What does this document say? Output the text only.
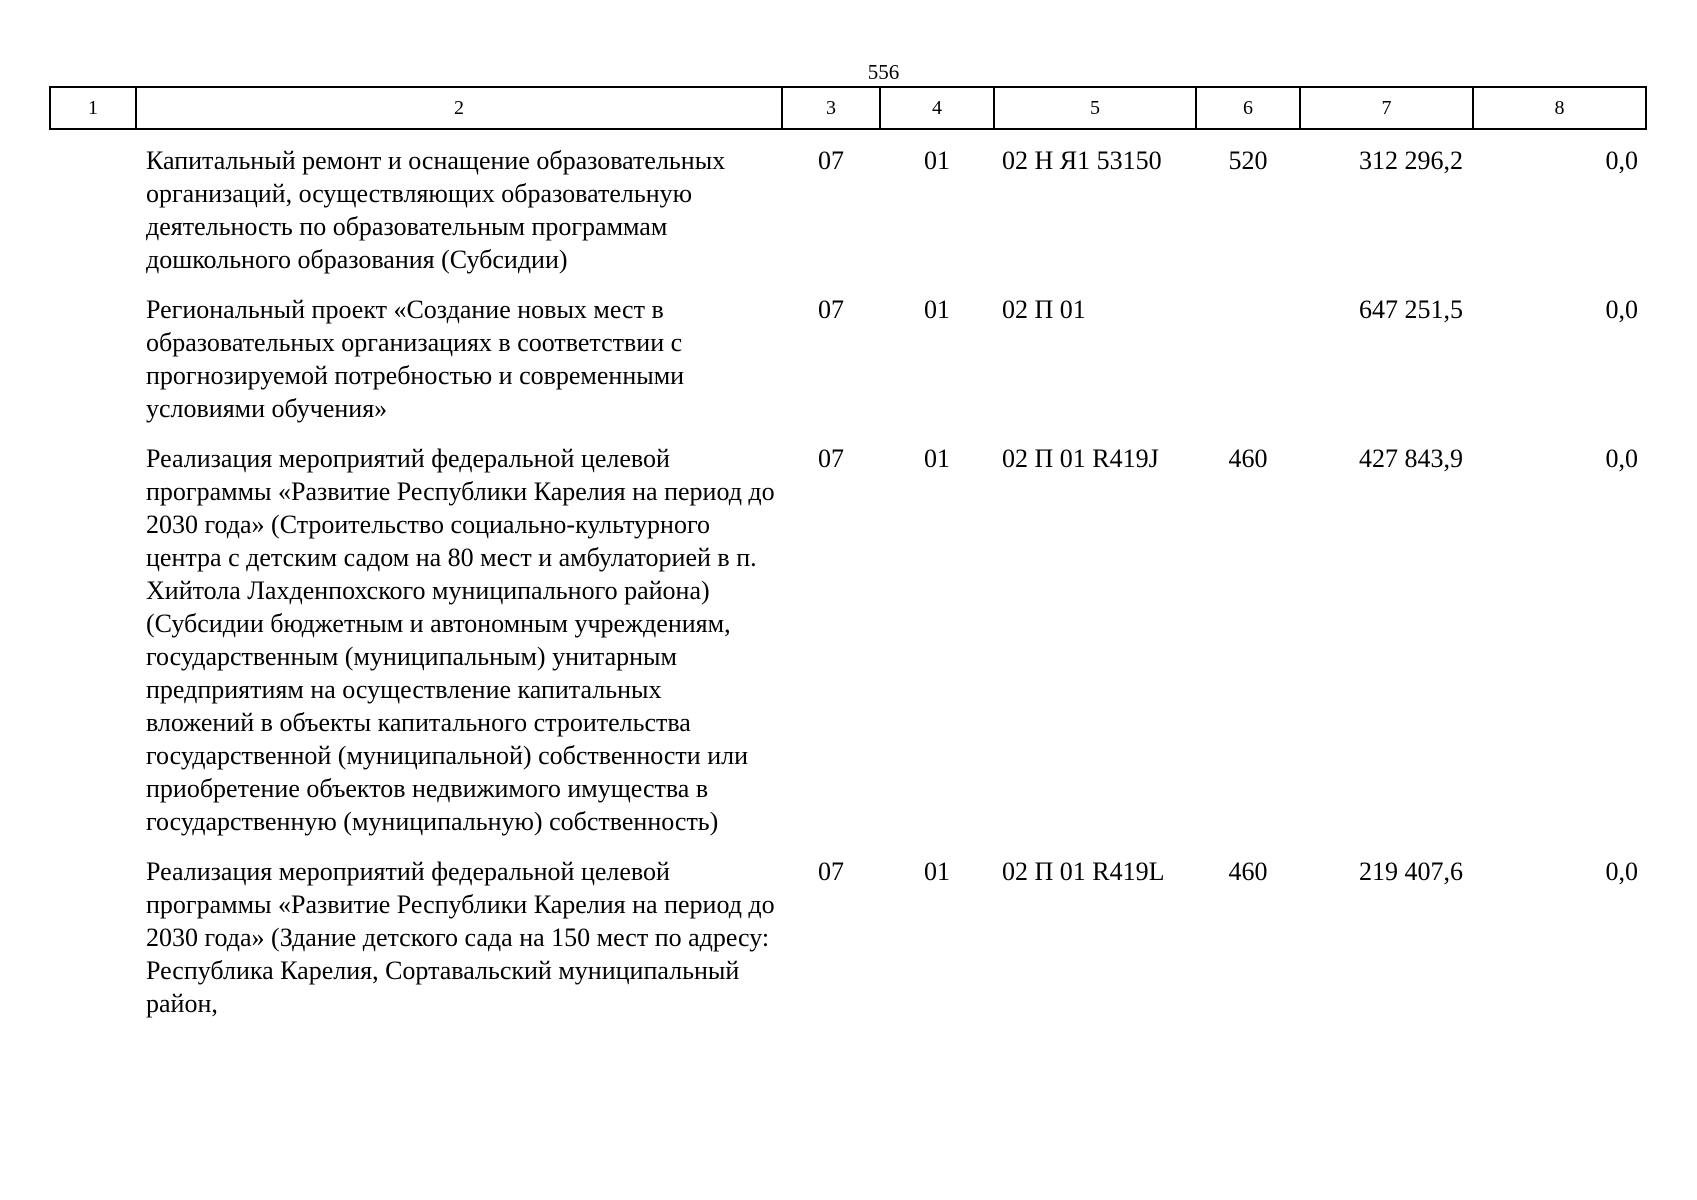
556
1	2	3	4	5	6	7	8
	Капитальный ремонт и оснащение образовательных организаций, осуществляющих образовательную деятельность по образовательным программам дошкольного образования (Субсидии)	07	01	02 Н Я1 53150	520	312 296,2	0,0
	Региональный проект «Создание новых мест в образовательных организациях в соответствии с прогнозируемой потребностью и современными условиями обучения»	07	01	02 П 01		647 251,5	0,0
	Реализация мероприятий федеральной целевой программы «Развитие Республики Карелия на период до 2030 года» (Строительство социально-культурного центра с детским садом на 80 мест и амбулаторией в п. Хийтола Лахденпохского муниципального района) (Субсидии бюджетным и автономным учреждениям, государственным (муниципальным) унитарным предприятиям на осуществление капитальных вложений в объекты капитального строительства государственной (муниципальной) собственности или приобретение объектов недвижимого имущества в государственную (муниципальную) собственность)	07	01	02 П 01 R419J	460	427 843,9	0,0
	Реализация мероприятий федеральной целевой программы «Развитие Республики Карелия на период до 2030 года» (Здание детского сада на 150 мест по адресу: Республика Карелия, Сортавальский муниципальный район,	07	01	02 П 01 R419L	460	219 407,6	0,0
